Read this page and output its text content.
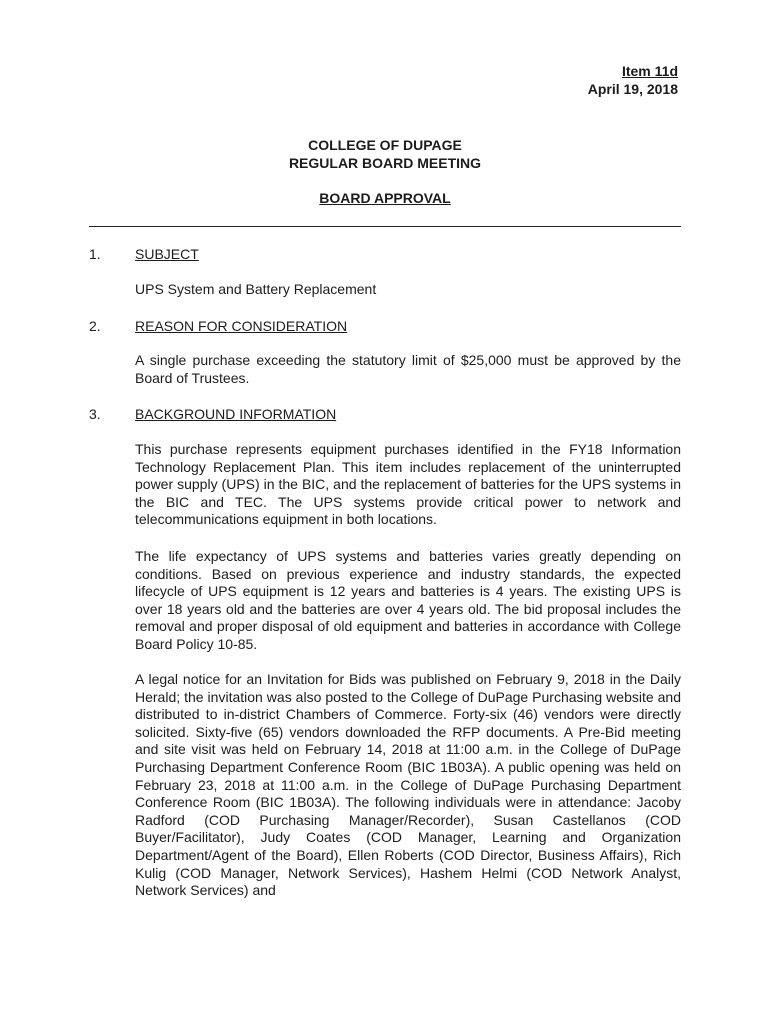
Item 11d
April 19, 2018
COLLEGE OF DUPAGE
REGULAR BOARD MEETING
BOARD APPROVAL
1. SUBJECT

UPS System and Battery Replacement

2. REASON FOR CONSIDERATION

A single purchase exceeding the statutory limit of $25,000 must be approved by the Board of Trustees.

3. BACKGROUND INFORMATION

This purchase represents equipment purchases identified in the FY18 Information Technology Replacement Plan. This item includes replacement of the uninterrupted power supply (UPS) in the BIC, and the replacement of batteries for the UPS systems in the BIC and TEC. The UPS systems provide critical power to network and telecommunications equipment in both locations.

The life expectancy of UPS systems and batteries varies greatly depending on conditions. Based on previous experience and industry standards, the expected lifecycle of UPS equipment is 12 years and batteries is 4 years. The existing UPS is over 18 years old and the batteries are over 4 years old. The bid proposal includes the removal and proper disposal of old equipment and batteries in accordance with College Board Policy 10-85.

A legal notice for an Invitation for Bids was published on February 9, 2018 in the Daily Herald; the invitation was also posted to the College of DuPage Purchasing website and distributed to in-district Chambers of Commerce. Forty-six (46) vendors were directly solicited. Sixty-five (65) vendors downloaded the RFP documents. A Pre-Bid meeting and site visit was held on February 14, 2018 at 11:00 a.m. in the College of DuPage Purchasing Department Conference Room (BIC 1B03A). A public opening was held on February 23, 2018 at 11:00 a.m. in the College of DuPage Purchasing Department Conference Room (BIC 1B03A). The following individuals were in attendance: Jacoby Radford (COD Purchasing Manager/Recorder), Susan Castellanos (COD Buyer/Facilitator), Judy Coates (COD Manager, Learning and Organization Department/Agent of the Board), Ellen Roberts (COD Director, Business Affairs), Rich Kulig (COD Manager, Network Services), Hashem Helmi (COD Network Analyst, Network Services) and
